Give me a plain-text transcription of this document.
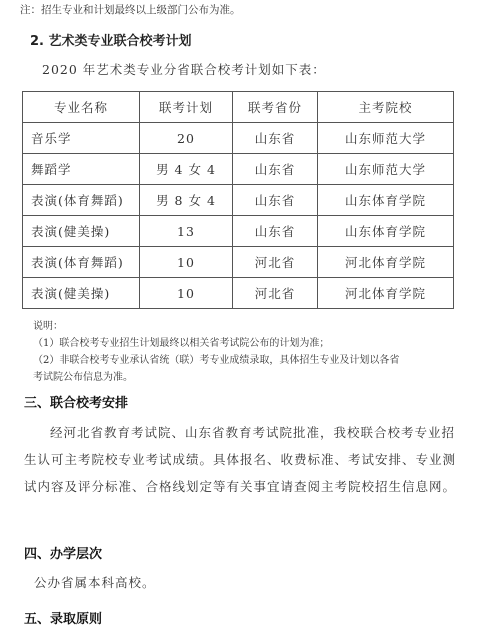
注：招生专业和计划最终以上级部门公布为准。
2. 艺术类专业联合校考计划
2020 年艺术类专业分省联合校考计划如下表：
专业名称	联考计划	联考省份	主考院校
音乐学	20	山东省	山东师范大学
舞蹈学	男 4 女 4	山东省	山东师范大学
表演(体育舞蹈)	男 8 女 4	山东省	山东体育学院
表演(健美操)	13	山东省	山东体育学院
表演(体育舞蹈)	10	河北省	河北体育学院
表演(健美操)	10	河北省	河北体育学院
说明：
（1）联合校考专业招生计划最终以相关省考试院公布的计划为准；
（2）非联合校考专业承认省统（联）考专业成绩录取，具体招生专业及计划以各省
考试院公布信息为准。
三、联合校考安排
经河北省教育考试院、山东省教育考试院批准，我校联合校考专业招生认可主考院校专业考试成绩。具体报名、收费标准、考试安排、专业测试内容及评分标准、合格线划定等有关事宜请查阅主考院校招生信息网。
四、办学层次
公办省属本科高校。
五、录取原则
